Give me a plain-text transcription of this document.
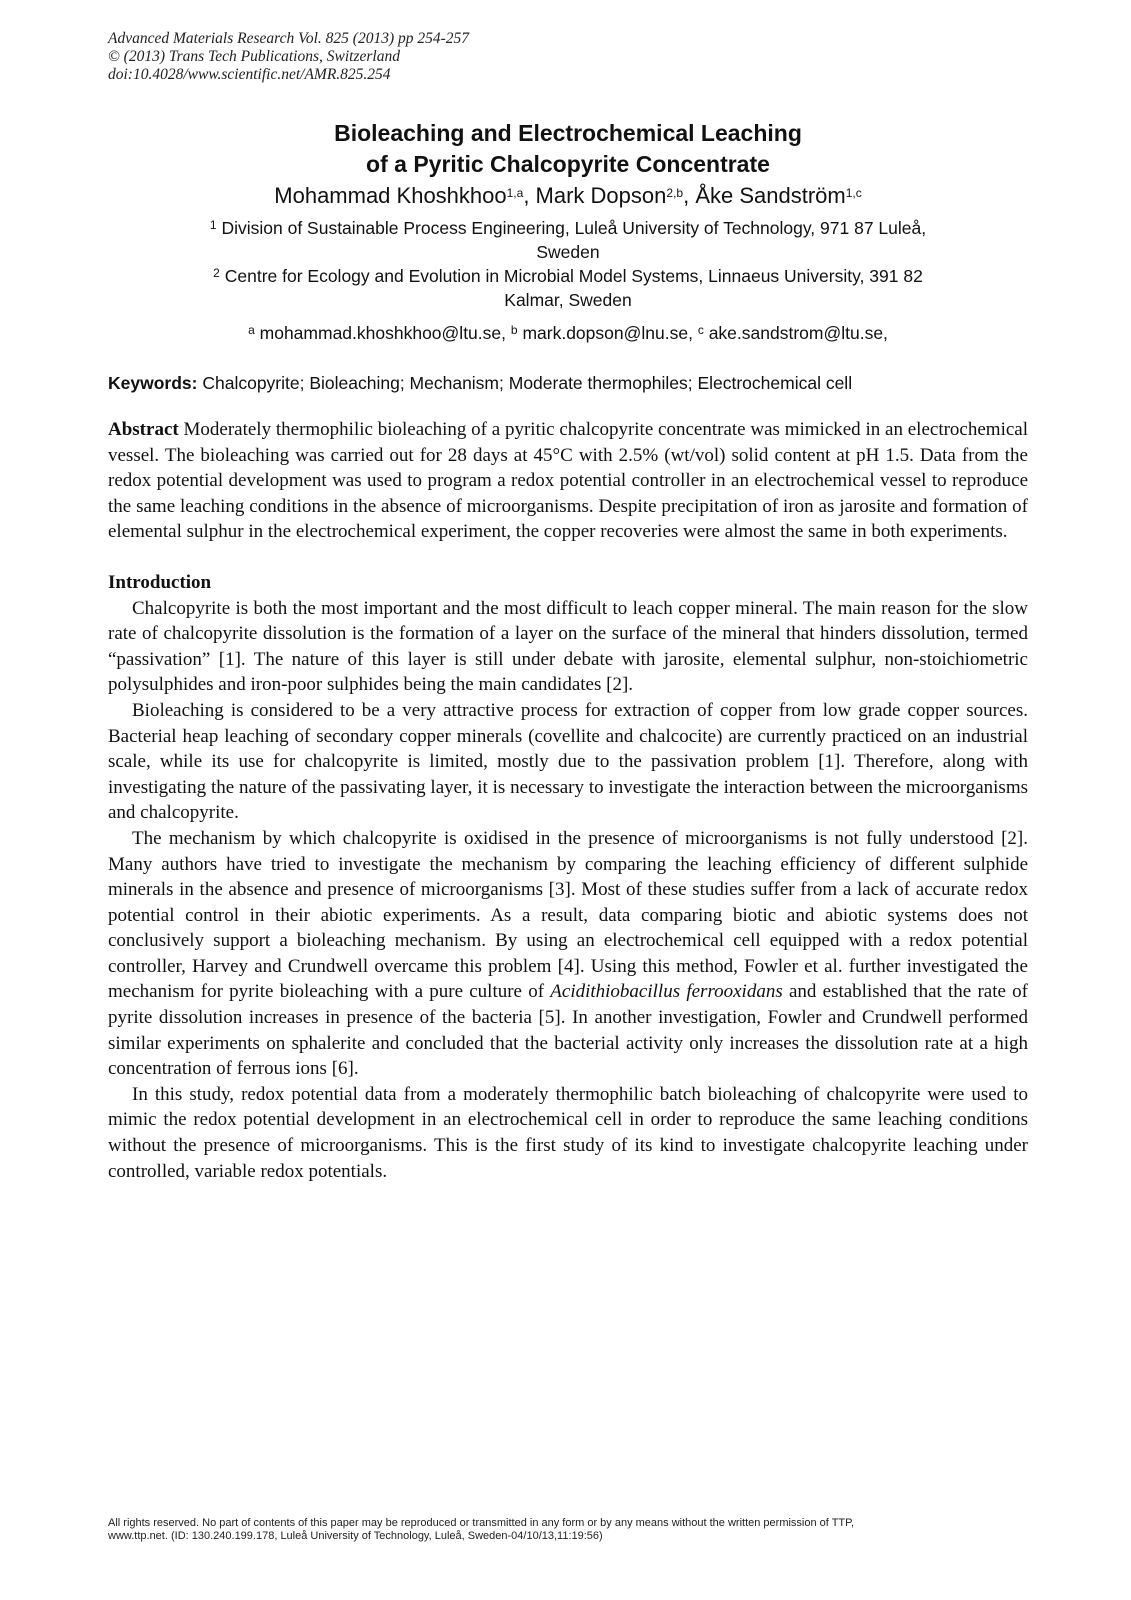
Advanced Materials Research Vol. 825 (2013) pp 254-257
© (2013) Trans Tech Publications, Switzerland
doi:10.4028/www.scientific.net/AMR.825.254
Bioleaching and Electrochemical Leaching
of a Pyritic Chalcopyrite Concentrate
Mohammad Khoshkhoo$^{1,a}$, Mark Dopson$^{2,b}$, Åke Sandström$^{1,c}$
$^1$ Division of Sustainable Process Engineering, Luleå University of Technology, 971 87 Luleå,
Sweden
$^2$ Centre for Ecology and Evolution in Microbial Model Systems, Linnaeus University, 391 82
Kalmar, Sweden
$^a$ mohammad.khoshkhoo@ltu.se, $^b$ mark.dopson@lnu.se, $^c$ ake.sandstrom@ltu.se,
Keywords: Chalcopyrite; Bioleaching; Mechanism; Moderate thermophiles; Electrochemical cell

Abstract Moderately thermophilic bioleaching of a pyritic chalcopyrite concentrate was mimicked in an electrochemical vessel. The bioleaching was carried out for 28 days at 45°C with 2.5% (wt/vol) solid content at pH 1.5. Data from the redox potential development was used to program a redox potential controller in an electrochemical vessel to reproduce the same leaching conditions in the absence of microorganisms. Despite precipitation of iron as jarosite and formation of elemental sulphur in the electrochemical experiment, the copper recoveries were almost the same in both experiments.

Introduction

Chalcopyrite is both the most important and the most difficult to leach copper mineral. The main reason for the slow rate of chalcopyrite dissolution is the formation of a layer on the surface of the mineral that hinders dissolution, termed “passivation” [1]. The nature of this layer is still under debate with jarosite, elemental sulphur, non-stoichiometric polysulphides and iron-poor sulphides being the main candidates [2].

Bioleaching is considered to be a very attractive process for extraction of copper from low grade copper sources. Bacterial heap leaching of secondary copper minerals (covellite and chalcocite) are currently practiced on an industrial scale, while its use for chalcopyrite is limited, mostly due to the passivation problem [1]. Therefore, along with investigating the nature of the passivating layer, it is necessary to investigate the interaction between the microorganisms and chalcopyrite.

The mechanism by which chalcopyrite is oxidised in the presence of microorganisms is not fully understood [2]. Many authors have tried to investigate the mechanism by comparing the leaching efficiency of different sulphide minerals in the absence and presence of microorganisms [3]. Most of these studies suffer from a lack of accurate redox potential control in their abiotic experiments. As a result, data comparing biotic and abiotic systems does not conclusively support a bioleaching mechanism. By using an electrochemical cell equipped with a redox potential controller, Harvey and Crundwell overcame this problem [4]. Using this method, Fowler et al. further investigated the mechanism for pyrite bioleaching with a pure culture of Acidithiobacillus ferrooxidans and established that the rate of pyrite dissolution increases in presence of the bacteria [5]. In another investigation, Fowler and Crundwell performed similar experiments on sphalerite and concluded that the bacterial activity only increases the dissolution rate at a high concentration of ferrous ions [6].

In this study, redox potential data from a moderately thermophilic batch bioleaching of chalcopyrite were used to mimic the redox potential development in an electrochemical cell in order to reproduce the same leaching conditions without the presence of microorganisms. This is the first study of its kind to investigate chalcopyrite leaching under controlled, variable redox potentials.

All rights reserved. No part of contents of this paper may be reproduced or transmitted in any form or by any means without the written permission of TTP,
www.ttp.net. (ID: 130.240.199.178, Luleå University of Technology, Luleå, Sweden-04/10/13,11:19:56)
